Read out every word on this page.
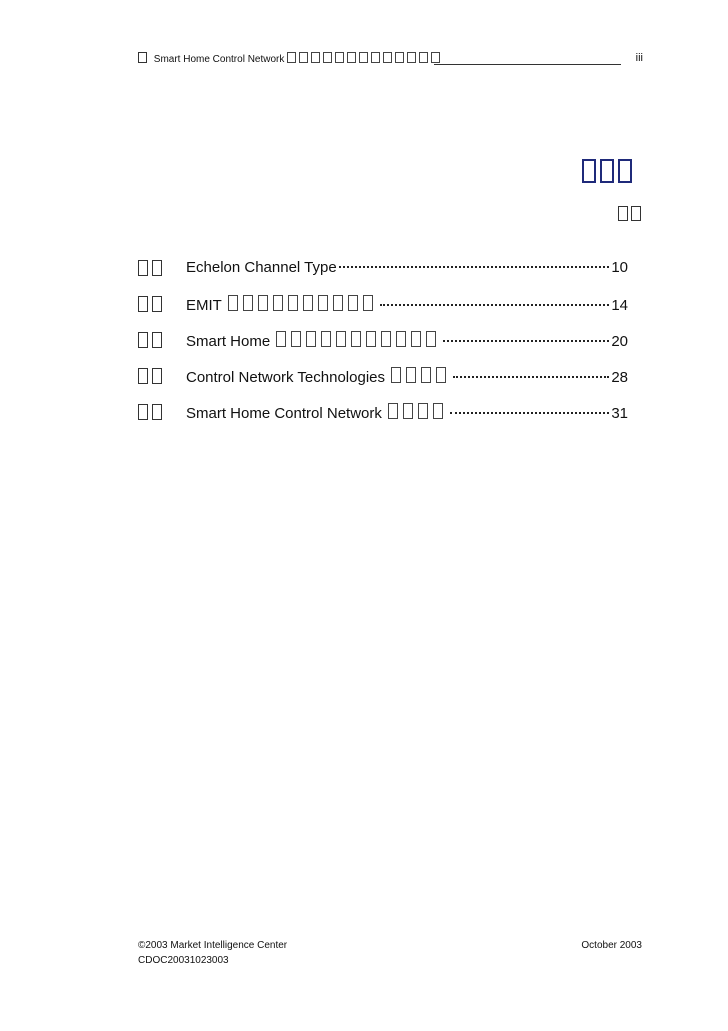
Smart Home Control Network	iii
Echelon Channel Type	10
EMIT	14
Smart Home	20
Control Network Technologies	28
Smart Home Control Network	31
©2003 Market Intelligence Center
CDOC20031023003
October 2003
